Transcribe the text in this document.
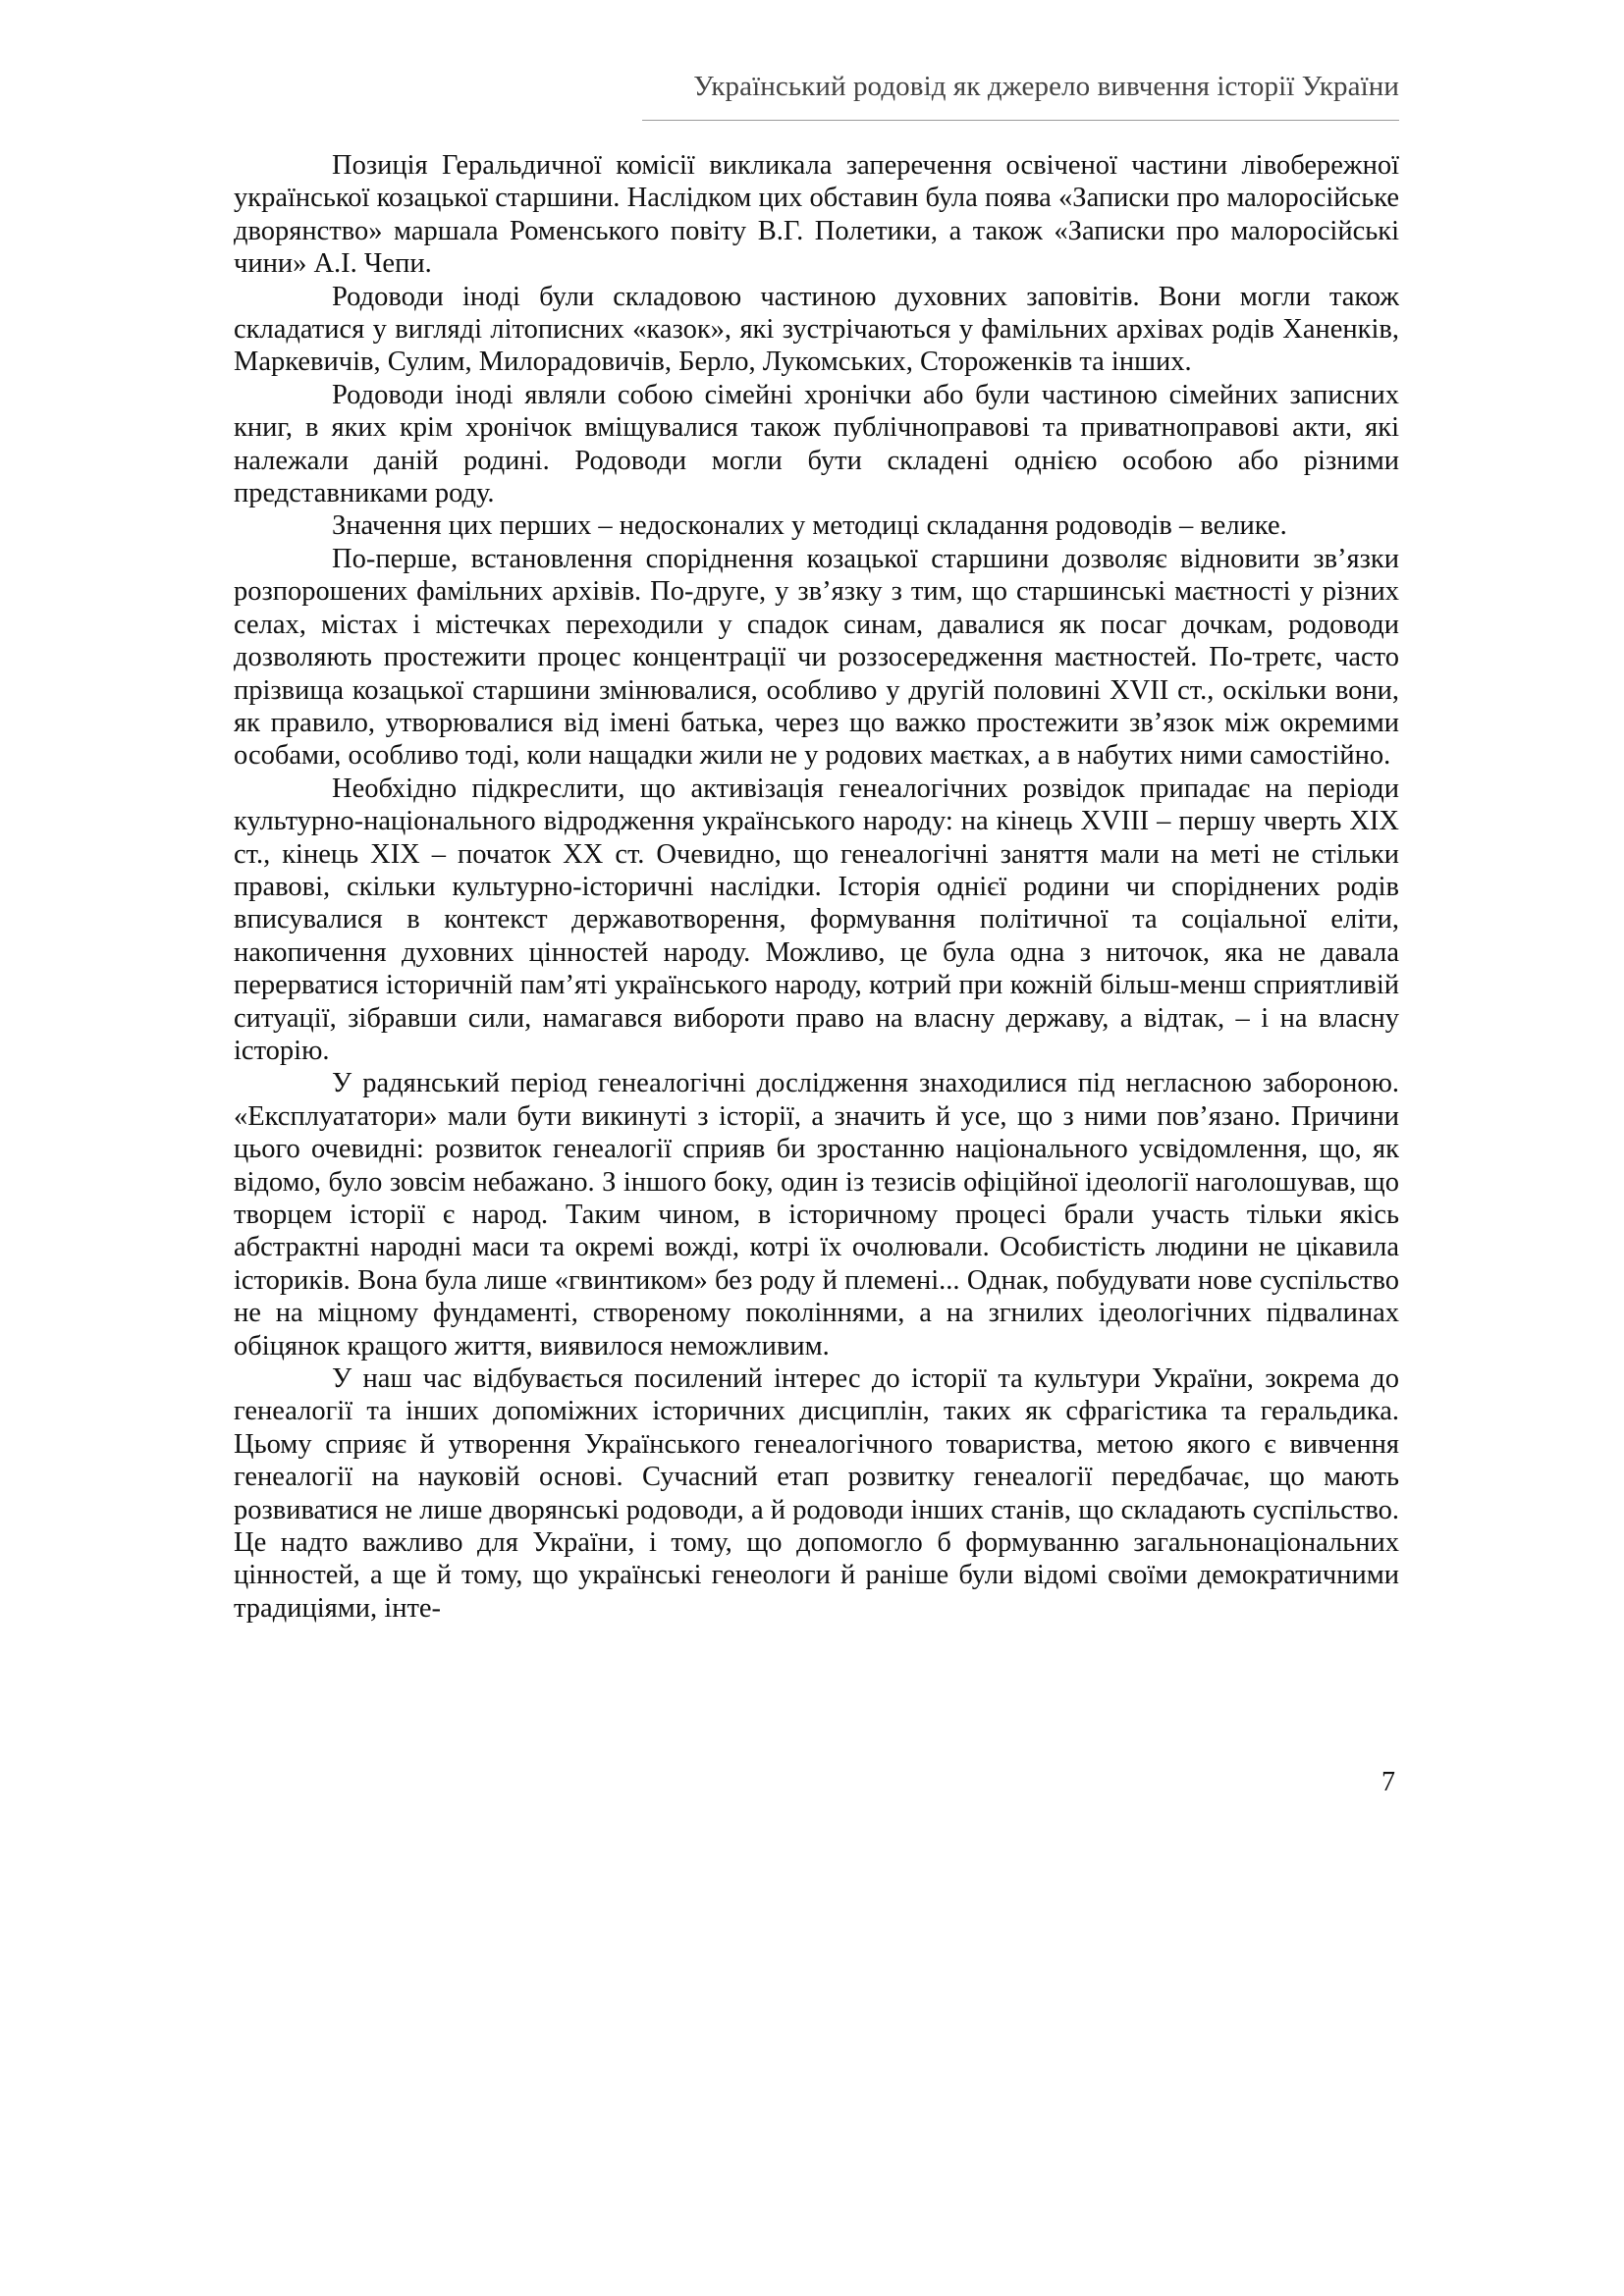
Український родовід як джерело вивчення історії України

Позиція Геральдичної комісії викликала заперечення освіченої частини лівобережної української козацької старшини. Наслідком цих обставин була поява «Записки про малоросійське дворянство» маршала Роменського повіту В.Г. Полетики, а також «Записки про малоросійські чини» А.І. Чепи.

Родоводи іноді були складовою частиною духовних заповітів. Вони могли також складатися у вигляді літописних «казок», які зустрічаються у фамільних архівах родів Ханенків, Маркевичів, Сулим, Милорадовичів, Берло, Лукомських, Стороженків та інших.

Родоводи іноді являли собою сімейні хронічки або були частиною сімейних записних книг, в яких крім хронічок вміщувалися також публічноправові та приватноправові акти, які належали даній родині. Родоводи могли бути складені однією особою або різними представниками роду.

Значення цих перших – недосконалих у методиці складання родоводів – велике.

По-перше, встановлення споріднення козацької старшини дозволяє відновити зв’язки розпорошених фамільних архівів. По-друге, у зв’язку з тим, що старшинські маєтності у різних селах, містах і містечках переходили у спадок синам, давалися як посаг дочкам, родоводи дозволяють простежити процес концентрації чи роззосередження маєтностей. По-третє, часто прізвища козацької старшини змінювалися, особливо у другій половині XVII ст., оскільки вони, як правило, утворювалися від імені батька, через що важко простежити зв’язок між окремими особами, особливо тоді, коли нащадки жили не у родових маєтках, а в набутих ними самостійно.

Необхідно підкреслити, що активізація генеалогічних розвідок припадає на періоди культурно-національного відродження українського народу: на кінець XVIII – першу чверть XIX ст., кінець XIX – початок XX ст. Очевидно, що генеалогічні заняття мали на меті не стільки правові, скільки культурно-історичні наслідки. Історія однієї родини чи споріднених родів вписувалися в контекст державотворення, формування політичної та соціальної еліти, накопичення духовних цінностей народу. Можливо, це була одна з ниточок, яка не давала перерватися історичній пам’яті українського народу, котрий при кожній більш-менш сприятливій ситуації, зібравши сили, намагався вибороти право на власну державу, а відтак, – і на власну історію.

У радянський період генеалогічні дослідження знаходилися під негласною забороною. «Експлуататори» мали бути викинуті з історії, а значить й усе, що з ними пов’язано. Причини цього очевидні: розвиток генеалогії сприяв би зростанню національного усвідомлення, що, як відомо, було зовсім небажано. З іншого боку, один із тезисів офіційної ідеології наголошував, що творцем історії є народ. Таким чином, в історичному процесі брали участь тільки якісь абстрактні народні маси та окремі вожді, котрі їх очолювали. Особистість людини не цікавила істориків. Вона була лише «гвинтиком» без роду й племені... Однак, побудувати нове суспільство не на міцному фундаменті, створеному поколіннями, а на згнилих ідеологічних підвалинах обіцянок кращого життя, виявилося неможливим.

У наш час відбувається посилений інтерес до історії та культури України, зокрема до генеалогії та інших допоміжних історичних дисциплін, таких як сфрагістика та геральдика. Цьому сприяє й утворення Українського генеалогічного товариства, метою якого є вивчення генеалогії на науковій основі. Сучасний етап розвитку генеалогії передбачає, що мають розвиватися не лише дворянські родоводи, а й родоводи інших станів, що складають суспільство. Це надто важливо для України, і тому, що допомогло б формуванню загальнонаціональних цінностей, а ще й тому, що українські генеологи й раніше були відомі своїми демократичними традиціями, інте-

7
